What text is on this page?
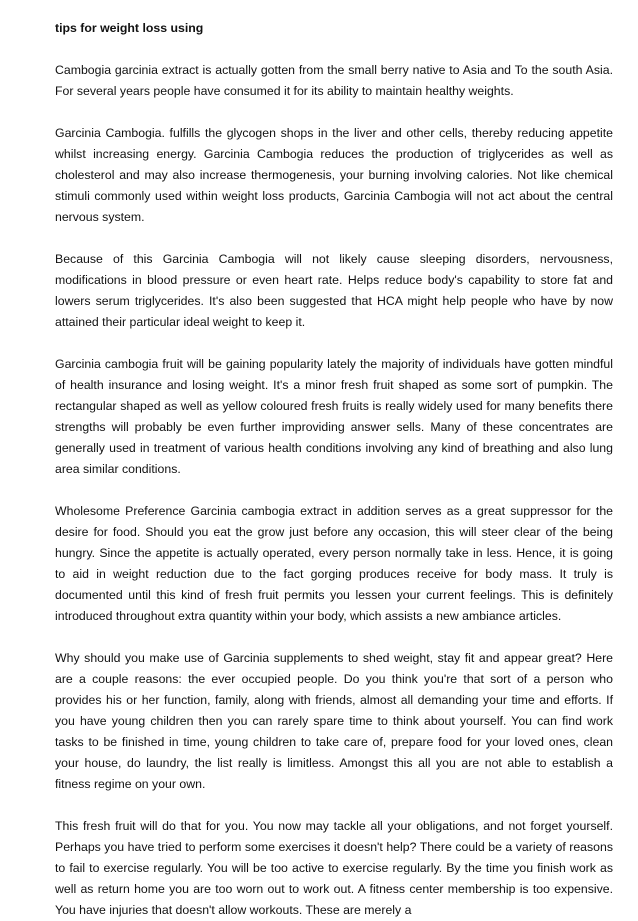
tips for weight loss using

Cambogia garcinia extract is actually gotten from the small berry native to Asia and To the south Asia. For several years people have consumed it for its ability to maintain healthy weights.

Garcinia Cambogia. fulfills the glycogen shops in the liver and other cells, thereby reducing appetite whilst increasing energy. Garcinia Cambogia reduces the production of triglycerides as well as cholesterol and may also increase thermogenesis, your burning involving calories. Not like chemical stimuli commonly used within weight loss products, Garcinia Cambogia will not act about the central nervous system.

Because of this Garcinia Cambogia will not likely cause sleeping disorders, nervousness, modifications in blood pressure or even heart rate. Helps reduce body's capability to store fat and lowers serum triglycerides. It's also been suggested that HCA might help people who have by now attained their particular ideal weight to keep it.

Garcinia cambogia fruit will be gaining popularity lately the majority of individuals have gotten mindful of health insurance and losing weight. It's a minor fresh fruit shaped as some sort of pumpkin. The rectangular shaped as well as yellow coloured fresh fruits is really widely used for many benefits there strengths will probably be even further improviding answer sells. Many of these concentrates are generally used in treatment of various health conditions involving any kind of breathing and also lung area similar conditions.

Wholesome Preference Garcinia cambogia extract in addition serves as a great suppressor for the desire for food. Should you eat the grow just before any occasion, this will steer clear of the being hungry. Since the appetite is actually operated, every person normally take in less. Hence, it is going to aid in weight reduction due to the fact gorging produces receive for body mass. It truly is documented until this kind of fresh fruit permits you lessen your current feelings. This is definitely introduced throughout extra quantity within your body, which assists a new ambiance articles.

Why should you make use of Garcinia supplements to shed weight, stay fit and appear great? Here are a couple reasons: the ever occupied people. Do you think you're that sort of a person who provides his or her function, family, along with friends, almost all demanding your time and efforts. If you have young children then you can rarely spare time to think about yourself. You can find work tasks to be finished in time, young children to take care of, prepare food for your loved ones, clean your house, do laundry, the list really is limitless. Amongst this all you are not able to establish a fitness regime on your own.

This fresh fruit will do that for you. You now may tackle all your obligations, and not forget yourself. Perhaps you have tried to perform some exercises it doesn't help? There could be a variety of reasons to fail to exercise regularly. You will be too active to exercise regularly. By the time you finish work as well as return home you are too worn out to work out. A fitness center membership is too expensive. You have injuries that doesn't allow workouts. These are merely a
